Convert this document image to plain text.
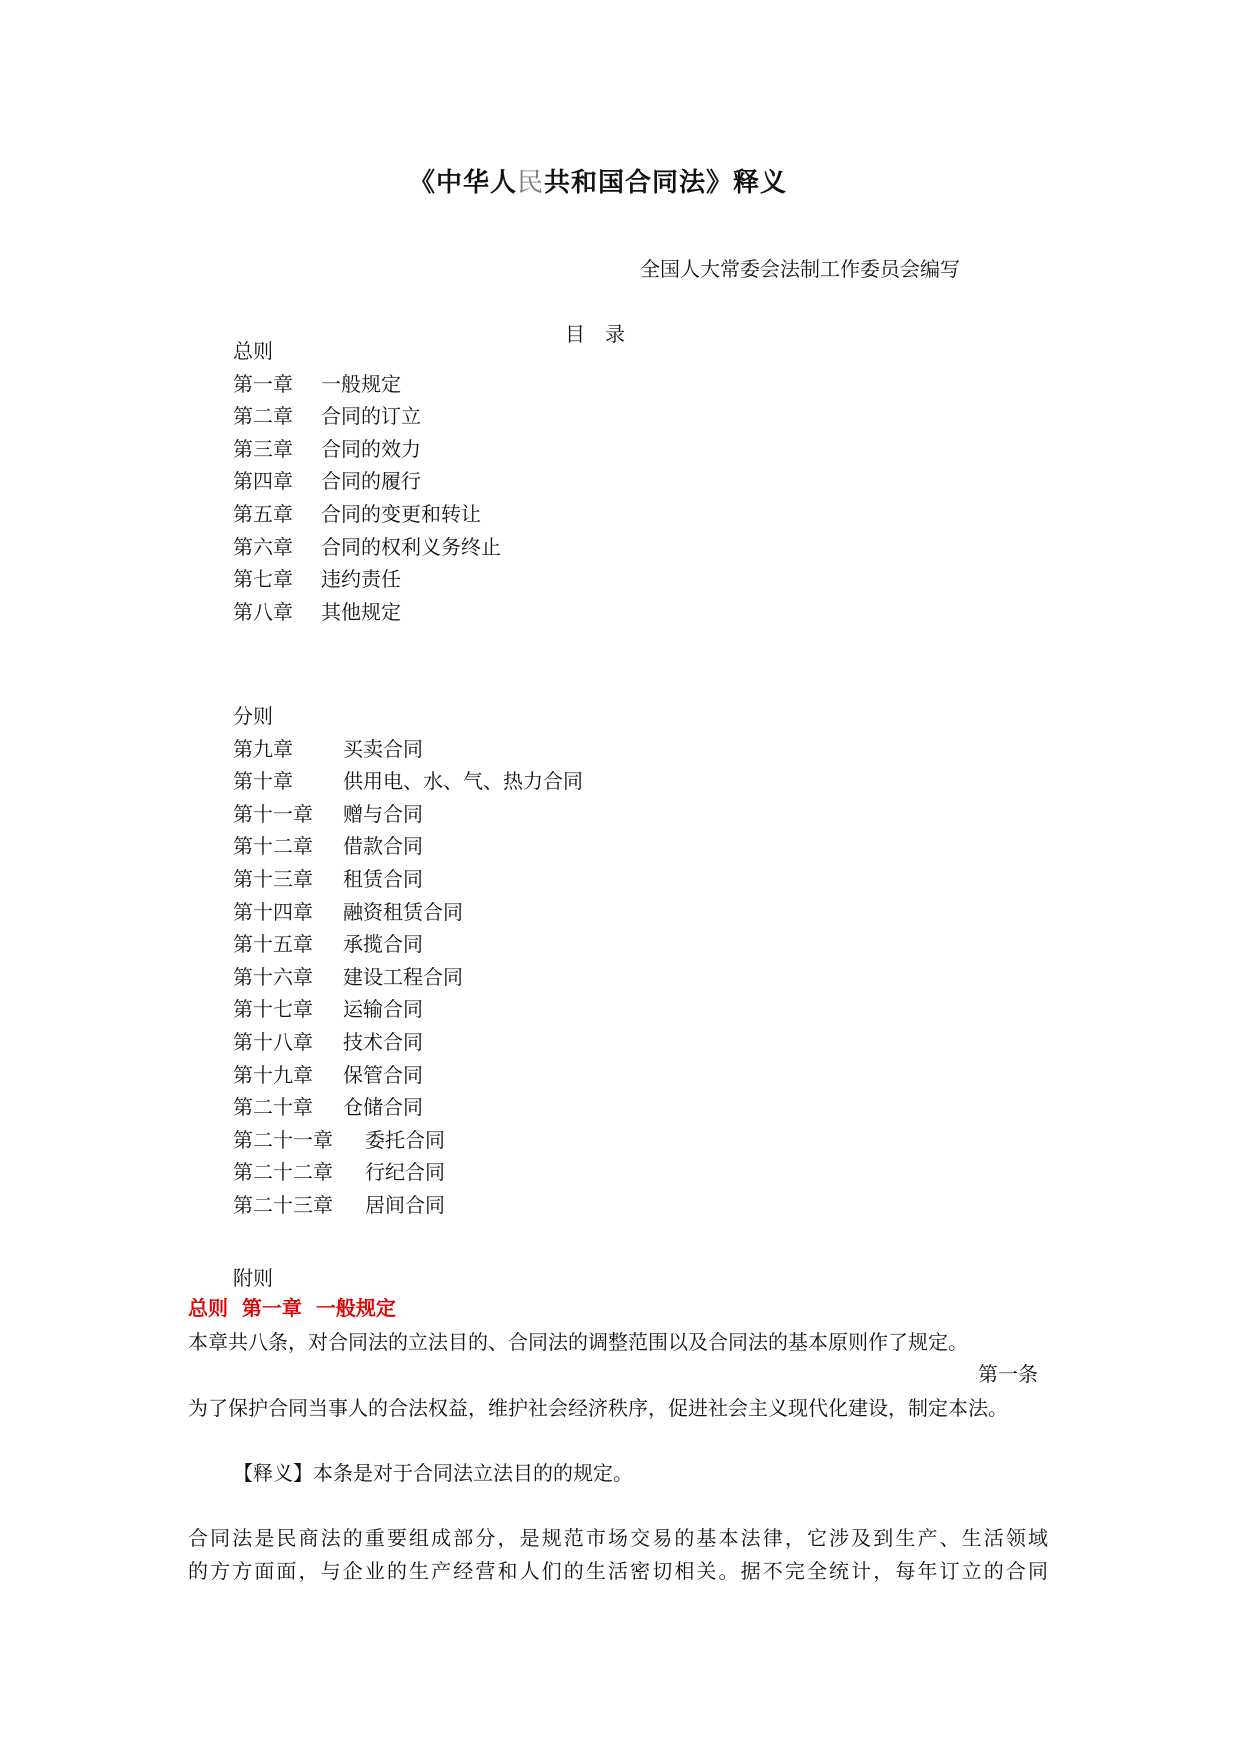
《中华人民共和国合同法》释义
全国人大常委会法制工作委员会编写
目　录
总则
第一章 一般规定
第二章 合同的订立
第三章 合同的效力
第四章 合同的履行
第五章 合同的变更和转让
第六章 合同的权利义务终止
第七章 违约责任
第八章 其他规定
分则
第九章	买卖合同
第十章	供用电、水、气、热力合同
第十一章 赠与合同
第十二章 借款合同
第十三章 租赁合同
第十四章 融资租赁合同
第十五章 承揽合同
第十六章 建设工程合同
第十七章 运输合同
第十八章 技术合同
第十九章 保管合同
第二十章 仓储合同
第二十一章 委托合同
第二十二章 行纪合同
第二十三章 居间合同
附则
总则  第一章  一般规定
本章共八条，对合同法的立法目的、合同法的调整范围以及合同法的基本原则作了规定。
第一条
为了保护合同当事人的合法权益，维护社会经济秩序，促进社会主义现代化建设，制定本法。
【释义】本条是对于合同法立法目的的规定。
合同法是民商法的重要组成部分，是规范市场交易的基本法律，它涉及到生产、生活领域
的方方面面，与企业的生产经营和人们的生活密切相关。据不完全统计，每年订立的合同
